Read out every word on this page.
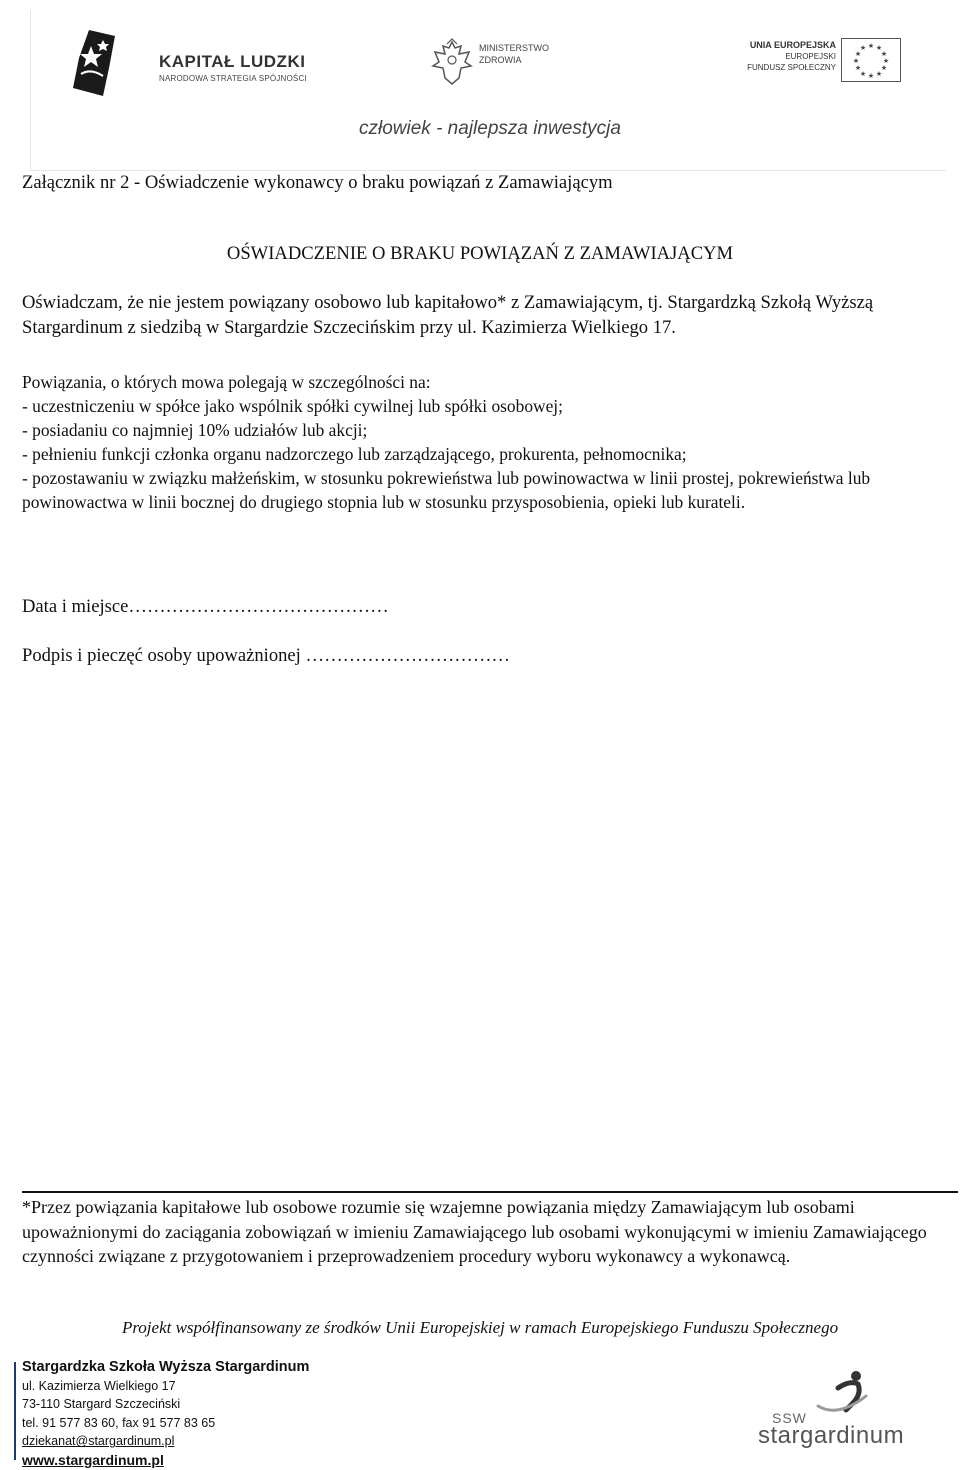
KAPITAŁ LUDZKI
NARODOWA STRATEGIA SPÓJNOŚCI
MINISTERSTWO
ZDROWIA
UNIA EUROPEJSKA
EUROPEJSKI
FUNDUSZ SPOŁECZNY
★ ★
★
★
★
★
★
★
★
★
★
★
człowiek - najlepsza inwestycja
Załącznik nr 2 - Oświadczenie wykonawcy o braku powiązań z Zamawiającym
OŚWIADCZENIE O BRAKU POWIĄZAŃ Z ZAMAWIAJĄCYM
Oświadczam, że nie jestem powiązany osobowo lub kapitałowo* z Zamawiającym, tj. Stargardzką Szkołą Wyższą Stargardinum z siedzibą w Stargardzie Szczecińskim przy ul. Kazimierza Wielkiego 17.
Powiązania, o których mowa polegają w szczególności na:
- uczestniczeniu w spółce jako wspólnik spółki cywilnej lub spółki osobowej;
- posiadaniu co najmniej 10% udziałów lub akcji;
- pełnieniu funkcji członka organu nadzorczego lub zarządzającego, prokurenta, pełnomocnika;
- pozostawaniu w związku małżeńskim, w stosunku pokrewieństwa lub powinowactwa w linii prostej, pokrewieństwa lub powinowactwa w linii bocznej do drugiego stopnia lub w stosunku przysposobienia, opieki lub kurateli.
Data i miejsce……………………………………
Podpis i pieczęć osoby upoważnionej ……………………………
*Przez powiązania kapitałowe lub osobowe rozumie się wzajemne powiązania między Zamawiającym lub osobami upoważnionymi do zaciągania zobowiązań w imieniu Zamawiającego lub osobami wykonującymi w imieniu Zamawiającego czynności związane z przygotowaniem i przeprowadzeniem procedury wyboru wykonawcy a wykonawcą.
Projekt współfinansowany ze środków Unii Europejskiej w ramach Europejskiego Funduszu Społecznego
Stargardzka Szkoła Wyższa Stargardinum
ul. Kazimierza Wielkiego 17
73-110 Stargard Szczeciński
tel. 91 577 83 60, fax 91 577 83 65
dziekanat@stargardinum.pl
www.stargardinum.pl
SSW
stargardinum
